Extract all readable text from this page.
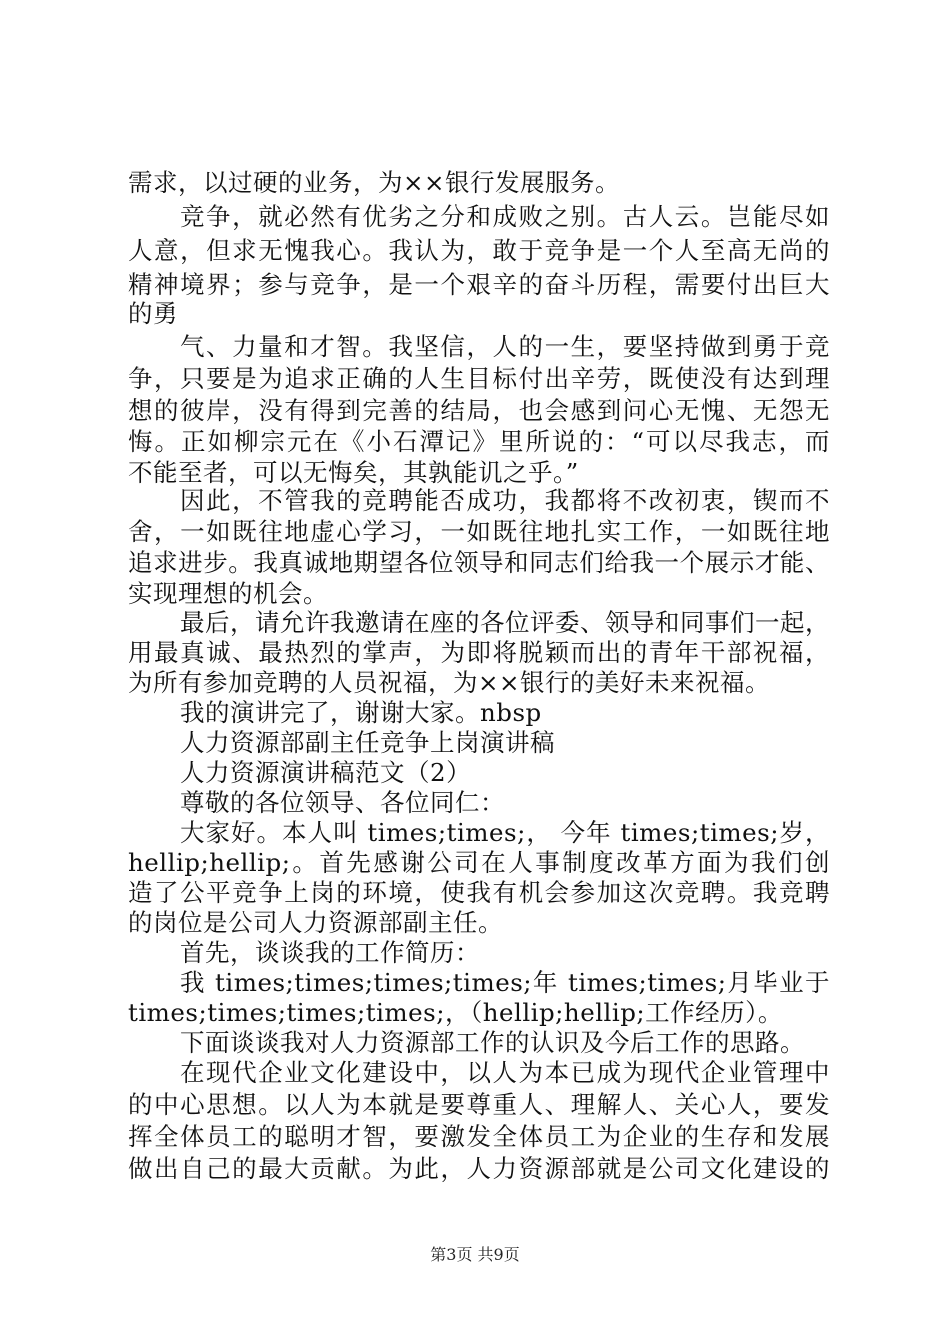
需求，以过硬的业务，为××银行发展服务。
竞争，就必然有优劣之分和成败之别。古人云。岂能尽如
人意，但求无愧我心。我认为，敢于竞争是一个人至高无尚的
精神境界；参与竞争，是一个艰辛的奋斗历程，需要付出巨大
的勇
气、力量和才智。我坚信，人的一生，要坚持做到勇于竞
争，只要是为追求正确的人生目标付出辛劳，既使没有达到理
想的彼岸，没有得到完善的结局，也会感到问心无愧、无怨无
悔。正如柳宗元在《小石潭记》里所说的：“可以尽我志，而
不能至者，可以无悔矣，其孰能讥之乎。”
因此，不管我的竞聘能否成功，我都将不改初衷，锲而不
舍，一如既往地虚心学习，一如既往地扎实工作，一如既往地
追求进步。我真诚地期望各位领导和同志们给我一个展示才能、
实现理想的机会。
最后，请允许我邀请在座的各位评委、领导和同事们一起，
用最真诚、最热烈的掌声，为即将脱颖而出的青年干部祝福，
为所有参加竞聘的人员祝福，为××银行的美好未来祝福。
我的演讲完了，谢谢大家。nbsp
人力资源部副主任竞争上岗演讲稿
人力资源演讲稿范文（2）
尊敬的各位领导、各位同仁：
大家好。本人叫 times;times;， 今年 times;times;岁，
hellip;hellip;。首先感谢公司在人事制度改革方面为我们创
造了公平竞争上岗的环境，使我有机会参加这次竞聘。我竞聘
的岗位是公司人力资源部副主任。
首先，谈谈我的工作简历：
我 times;times;times;times;年 times;times;月毕业于
times;times;times;times;，（hellip;hellip;工作经历）。
下面谈谈我对人力资源部工作的认识及今后工作的思路。
在现代企业文化建设中，以人为本已成为现代企业管理中
的中心思想。以人为本就是要尊重人、理解人、关心人，要发
挥全体员工的聪明才智，要激发全体员工为企业的生存和发展
做出自己的最大贡献。为此，人力资源部就是公司文化建设的
第3页 共9页
